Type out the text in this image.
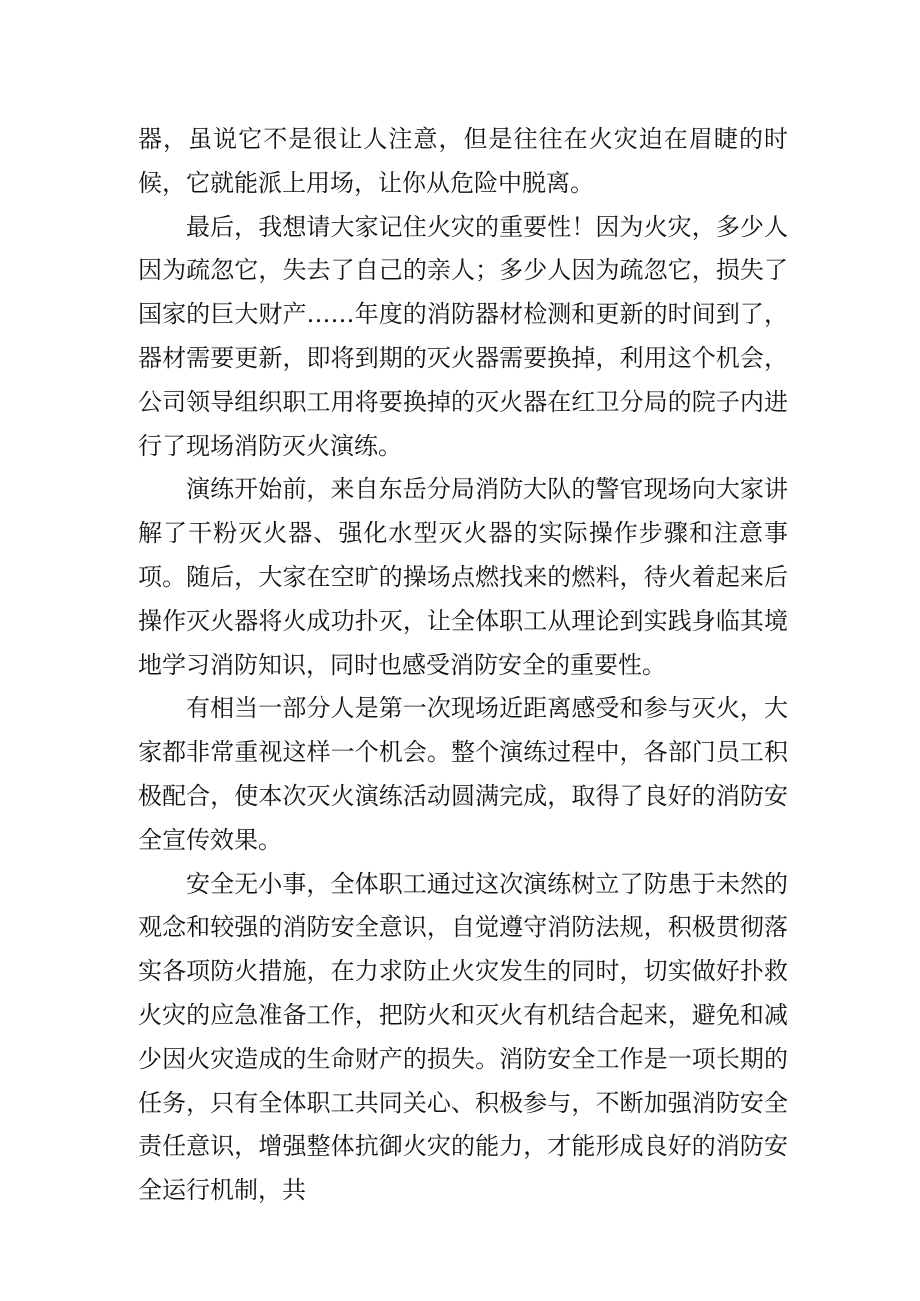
器，虽说它不是很让人注意，但是往往在火灾迫在眉睫的时候，它就能派上用场，让你从危险中脱离。

最后，我想请大家记住火灾的重要性！因为火灾，多少人因为疏忽它，失去了自己的亲人；多少人因为疏忽它，损失了国家的巨大财产……年度的消防器材检测和更新的时间到了，器材需要更新，即将到期的灭火器需要换掉，利用这个机会，公司领导组织职工用将要换掉的灭火器在红卫分局的院子内进行了现场消防灭火演练。

演练开始前，来自东岳分局消防大队的警官现场向大家讲解了干粉灭火器、强化水型灭火器的实际操作步骤和注意事项。随后，大家在空旷的操场点燃找来的燃料，待火着起来后操作灭火器将火成功扑灭，让全体职工从理论到实践身临其境地学习消防知识，同时也感受消防安全的重要性。

有相当一部分人是第一次现场近距离感受和参与灭火，大家都非常重视这样一个机会。整个演练过程中，各部门员工积极配合，使本次灭火演练活动圆满完成，取得了良好的消防安全宣传效果。

安全无小事，全体职工通过这次演练树立了防患于未然的观念和较强的消防安全意识，自觉遵守消防法规，积极贯彻落实各项防火措施，在力求防止火灾发生的同时，切实做好扑救火灾的应急准备工作，把防火和灭火有机结合起来，避免和减少因火灾造成的生命财产的损失。消防安全工作是一项长期的任务，只有全体职工共同关心、积极参与，不断加强消防安全责任意识，增强整体抗御火灾的能力，才能形成良好的消防安全运行机制，共
